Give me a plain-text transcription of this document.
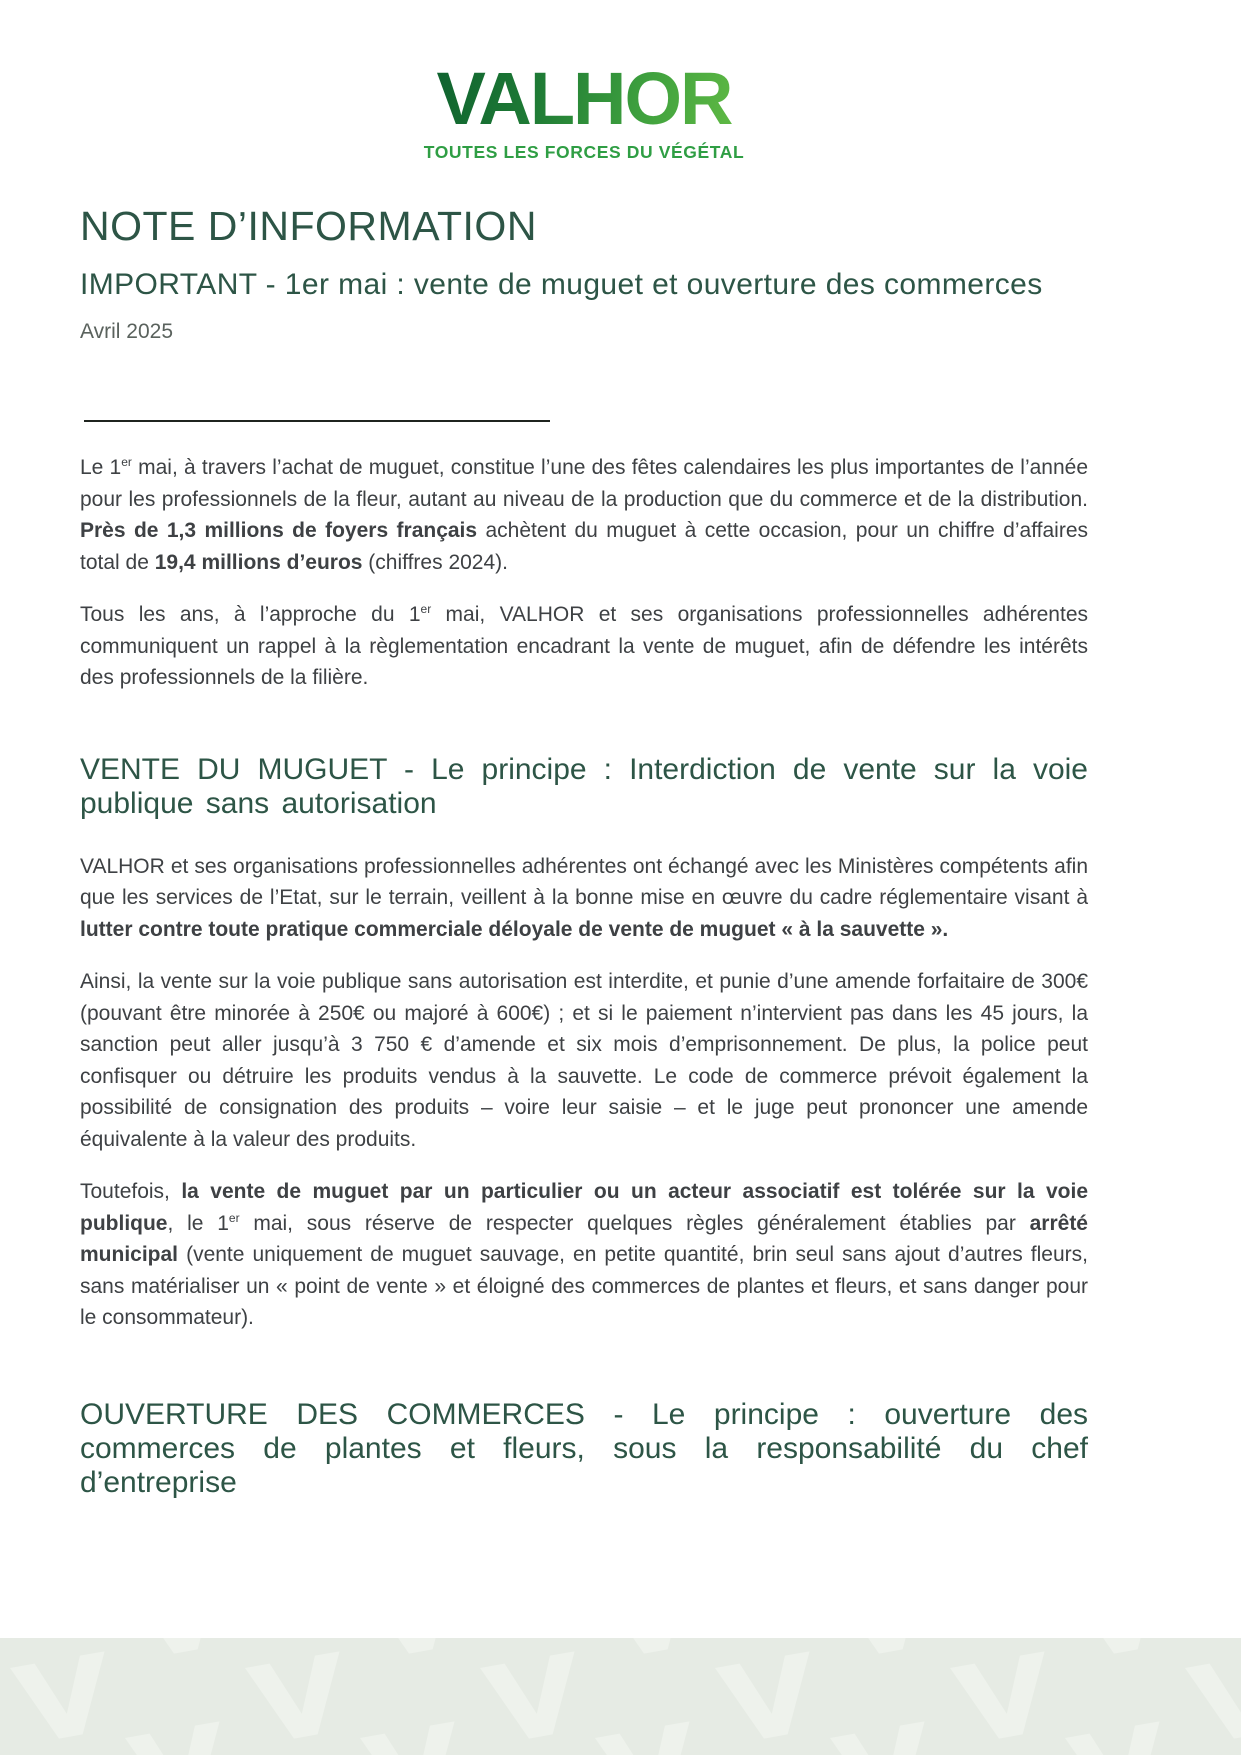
VALHOR
TOUTES LES FORCES DU VÉGÉTAL
NOTE D’INFORMATION
IMPORTANT - 1er mai : vente de muguet et ouverture des commerces
Avril 2025

Le 1er mai, à travers l’achat de muguet, constitue l’une des fêtes calendaires les plus importantes de l’année pour les professionnels de la fleur, autant au niveau de la production que du commerce et de la distribution. Près de 1,3 millions de foyers français achètent du muguet à cette occasion, pour un chiffre d’affaires total de 19,4 millions d’euros (chiffres 2024).

Tous les ans, à l’approche du 1er mai, VALHOR et ses organisations professionnelles adhérentes communiquent un rappel à la règlementation encadrant la vente de muguet, afin de défendre les intérêts des professionnels de la filière.

VENTE DU MUGUET - Le principe : Interdiction de vente sur la voie publique sans autorisation

VALHOR et ses organisations professionnelles adhérentes ont échangé avec les Ministères compétents afin que les services de l’Etat, sur le terrain, veillent à la bonne mise en œuvre du cadre réglementaire visant à lutter contre toute pratique commerciale déloyale de vente de muguet « à la sauvette ».

Ainsi, la vente sur la voie publique sans autorisation est interdite, et punie d’une amende forfaitaire de 300€ (pouvant être minorée à 250€ ou majoré à 600€) ; et si le paiement n’intervient pas dans les 45 jours, la sanction peut aller jusqu’à 3 750 € d’amende et six mois d’emprisonnement. De plus, la police peut confisquer ou détruire les produits vendus à la sauvette. Le code de commerce prévoit également la possibilité de consignation des produits – voire leur saisie – et le juge peut prononcer une amende équivalente à la valeur des produits.

Toutefois, la vente de muguet par un particulier ou un acteur associatif est tolérée sur la voie publique, le 1er mai, sous réserve de respecter quelques règles généralement établies par arrêté municipal (vente uniquement de muguet sauvage, en petite quantité, brin seul sans ajout d’autres fleurs, sans matérialiser un « point de vente » et éloigné des commerces de plantes et fleurs, et sans danger pour le consommateur).

OUVERTURE DES COMMERCES - Le principe : ouverture des commerces de plantes et fleurs, sous la responsabilité du chef d’entreprise
